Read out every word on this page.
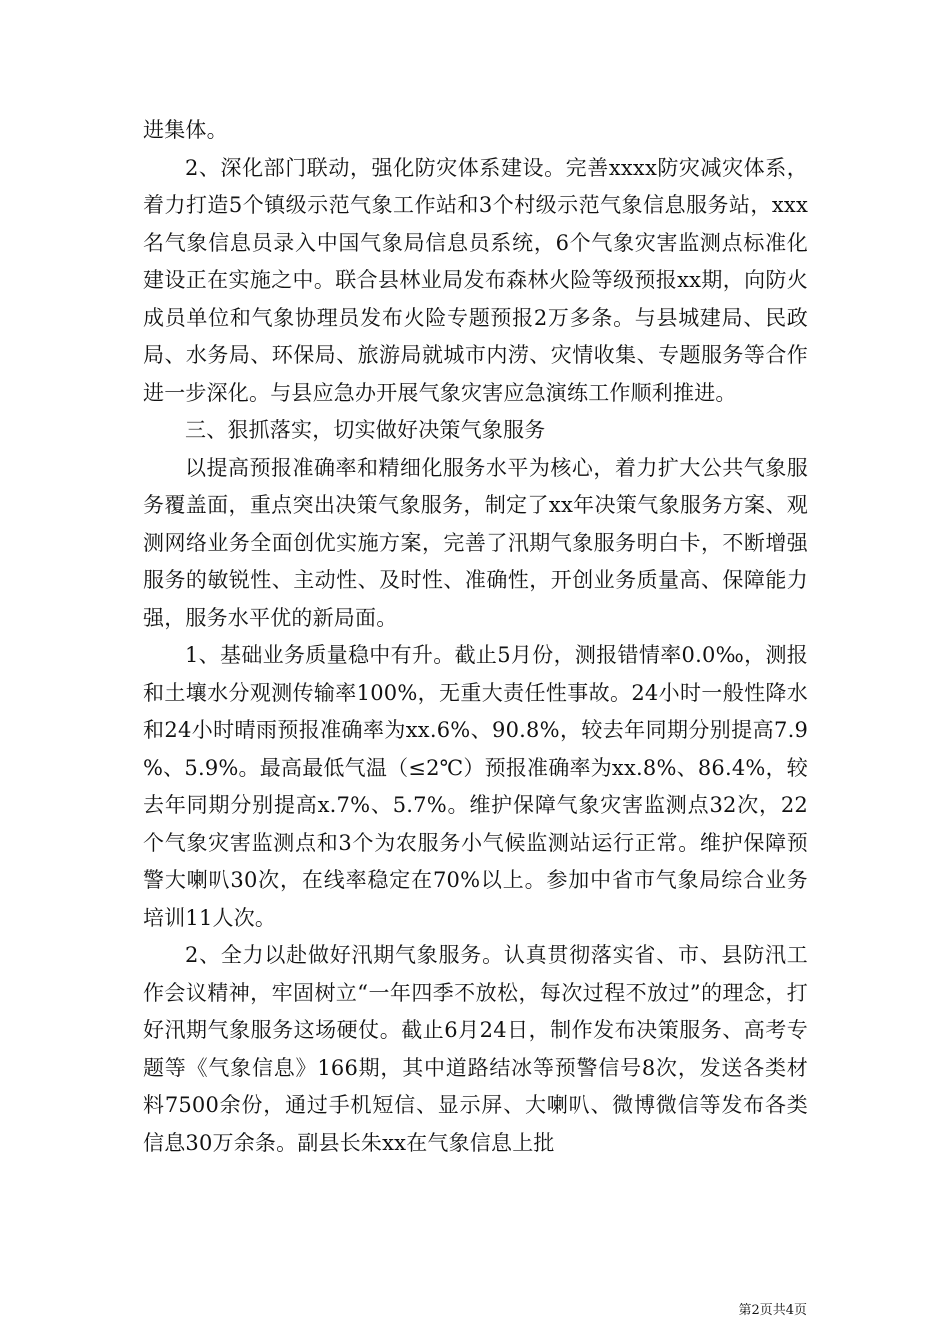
进集体。

2、深化部门联动，强化防灾体系建设。完善xxxx防灾减灾体系，着力打造5个镇级示范气象工作站和3个村级示范气象信息服务站，xxx名气象信息员录入中国气象局信息员系统，6个气象灾害监测点标准化建设正在实施之中。联合县林业局发布森林火险等级预报xx期，向防火成员单位和气象协理员发布火险专题预报2万多条。与县城建局、民政局、水务局、环保局、旅游局就城市内涝、灾情收集、专题服务等合作进一步深化。与县应急办开展气象灾害应急演练工作顺利推进。

三、狠抓落实，切实做好决策气象服务

以提高预报准确率和精细化服务水平为核心，着力扩大公共气象服务覆盖面，重点突出决策气象服务，制定了xx年决策气象服务方案、观测网络业务全面创优实施方案，完善了汛期气象服务明白卡，不断增强服务的敏锐性、主动性、及时性、准确性，开创业务质量高、保障能力强，服务水平优的新局面。

1、基础业务质量稳中有升。截止5月份，测报错情率0.0‰，测报和土壤水分观测传输率100%，无重大责任性事故。24小时一般性降水和24小时晴雨预报准确率为xx.6%、90.8%，较去年同期分别提高7.9%、5.9%。最高最低气温（≤2℃）预报准确率为xx.8%、86.4%，较去年同期分别提高x.7%、5.7%。维护保障气象灾害监测点32次，22个气象灾害监测点和3个为农服务小气候监测站运行正常。维护保障预警大喇叭30次，在线率稳定在70%以上。参加中省市气象局综合业务培训11人次。

2、全力以赴做好汛期气象服务。认真贯彻落实省、市、县防汛工作会议精神，牢固树立“一年四季不放松，每次过程不放过”的理念，打好汛期气象服务这场硬仗。截止6月24日，制作发布决策服务、高考专题等《气象信息》166期，其中道路结冰等预警信号8次，发送各类材料7500余份，通过手机短信、显示屏、大喇叭、微博微信等发布各类信息30万余条。副县长朱xx在气象信息上批

第2页共4页
